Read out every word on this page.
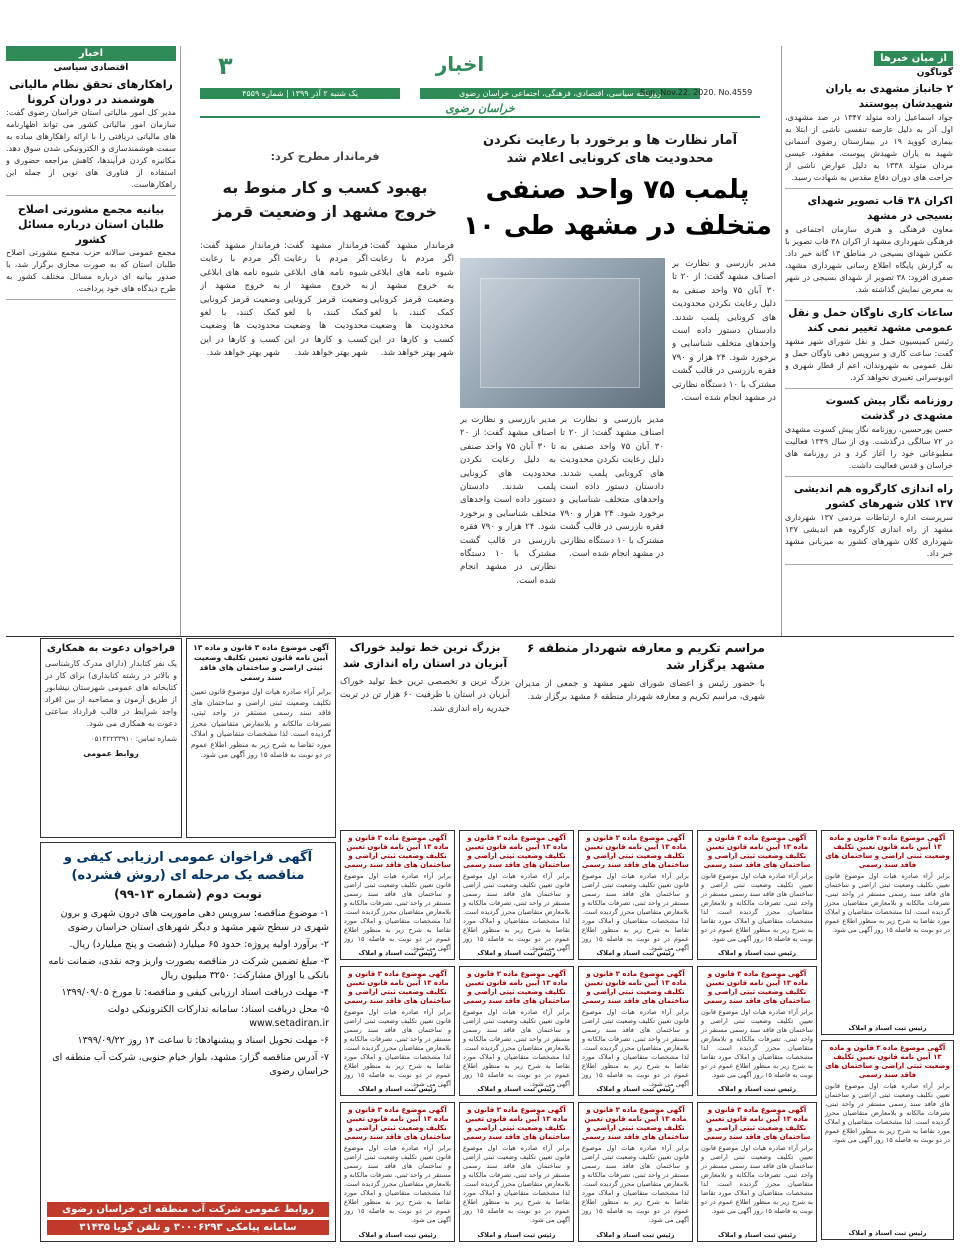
۳	اخبار
روزنامه سیاسی، اقتصادی، فرهنگی، اجتماعی خراسان رضوی
یک شنبه ۲ آذر ۱۳۹۹ | شماره ۴۵۵۹	Sun. Nov.22. 2020. No.4559
خراسان رضوی
از میان خبرها
گوناگون
۲ جانباز مشهدی به یاران شهیدشان پیوستند
جواد اسماعیل زاده متولد ۱۳۴۷ در صد مشهدی، اول آذر به دلیل عارضه تنفسی ناشی از ابتلا به بیماری کووید ۱۹ در بیمارستان رضوی آسمانی شهید به یاران شهیدش پیوست. مفقود، عیسی مردان متولد ۱۳۳۸ به دلیل عوارض ناشی از جراحت های دوران دفاع مقدس به شهادت رسید.
اکران ۳۸ قاب تصویر شهدای بسیجی در مشهد
معاون فرهنگی و هنری سازمان اجتماعی و فرهنگی شهرداری مشهد از اکران ۳۸ قاب تصویر با عکس شهدای بسیجی در مناطق ۱۳ گانه خبر داد. به گزارش پایگاه اطلاع رسانی شهرداری مشهد، صفری افزود: ۳۸ تصویر از شهدای بسیجی در شهر به معرض نمایش گذاشته شد.
ساعات کاری ناوگان حمل و نقل عمومی مشهد تغییر نمی کند
رئیس کمیسیون حمل و نقل شورای شهر مشهد گفت: ساعت کاری و سرویس دهی ناوگان حمل و نقل عمومی به شهروندان، اعم از قطار شهری و اتوبوسرانی تغییری نخواهد کرد.
روزنامه نگار پیش کسوت مشهدی در گذشت
حسن پورحسین، روزنامه نگار پیش کسوت مشهدی در ۷۲ سالگی درگذشت. وی از سال ۱۳۴۹ فعالیت مطبوعاتی خود را آغاز کرد و در روزنامه های خراسان و قدس فعالیت داشت.
راه اندازی کارگروه هم اندیشی ۱۳۷ کلان شهرهای کشور
سرپرست اداره ارتباطات مردمی ۱۳۷ شهرداری مشهد از راه اندازی کارگروه هم اندیشی ۱۳۷ شهرداری کلان شهرهای کشور به میزبانی مشهد خبر داد.
اخبار
اقتصادی سیاسی
راهکارهای تحقق نظام مالیاتی هوشمند در دوران کرونا
مدیر کل امور مالیاتی استان خراسان رضوی گفت: سازمان امور مالیاتی کشور می تواند اظهارنامه های مالیاتی دریافتی را با ارائه راهکارهای ساده به سمت هوشمندسازی و الکترونیکی شدن سوق دهد. مکانیزه کردن فرآیندها، کاهش مراجعه حضوری و استفاده از فناوری های نوین از جمله این راهکارهاست.
بیانیه مجمع مشورتی اصلاح طلبان استان درباره مسائل کشور
مجمع عمومی سالانه حزب مجمع مشورتی اصلاح طلبان استان که به صورت مجازی برگزار شد، با صدور بیانیه ای درباره مسائل مختلف کشور به طرح دیدگاه های خود پرداخت.
آمار نظارت ها و برخورد با رعایت نکردن محدودیت های کرونایی اعلام شد
پلمب ۷۵ واحد صنفی متخلف در مشهد طی ۱۰
مدیر بازرسی و نظارت بر اصناف مشهد گفت: از ۲۰ تا ۳۰ آبان ۷۵ واحد صنفی به دلیل رعایت نکردن محدودیت های کرونایی پلمب شدند. دادستان دستور داده است واحدهای متخلف شناسایی و برخورد شود. ۲۴ هزار و ۷۹۰ فقره بازرسی در قالب گشت مشترک با ۱۰ دستگاه نظارتی در مشهد انجام شده است.
مدیر بازرسی و نظارت بر اصناف مشهد گفت: از ۲۰ تا ۳۰ آبان ۷۵ واحد صنفی به دلیل رعایت نکردن محدودیت های کرونایی پلمب شدند. دادستان دستور داده است واحدهای متخلف شناسایی و برخورد شود. ۲۴ هزار و ۷۹۰ فقره بازرسی در قالب گشت مشترک با ۱۰ دستگاه نظارتی در مشهد انجام شده است.
مدیر بازرسی و نظارت بر اصناف مشهد گفت: از ۲۰ تا ۳۰ آبان ۷۵ واحد صنفی به دلیل رعایت نکردن محدودیت های کرونایی پلمب شدند. دادستان دستور داده است واحدهای متخلف شناسایی و برخورد شود. ۲۴ هزار و ۷۹۰ فقره بازرسی در قالب گشت مشترک با ۱۰ دستگاه نظارتی در مشهد انجام شده است.
فرماندار مطرح کرد:
بهبود کسب و کار منوط به خروج مشهد از وضعیت قرمز
فرماندار مشهد گفت: اگر مردم با رعایت شیوه نامه های ابلاغی به خروج مشهد از وضعیت قرمز کرونایی کمک کنند، با لغو محدودیت ها وضعیت کسب و کارها در این شهر بهتر خواهد شد.
فرماندار مشهد گفت: اگر مردم با رعایت شیوه نامه های ابلاغی به خروج مشهد از وضعیت قرمز کرونایی کمک کنند، با لغو محدودیت ها وضعیت کسب و کارها در این شهر بهتر خواهد شد.
فرماندار مشهد گفت: اگر مردم با رعایت شیوه نامه های ابلاغی به خروج مشهد از وضعیت قرمز کرونایی کمک کنند، با لغو محدودیت ها وضعیت کسب و کارها در این شهر بهتر خواهد شد.
مراسم تکریم و معارفه شهردار منطقه ۶ مشهد برگزار شد
با حضور رئیس و اعضای شورای شهر مشهد و جمعی از مدیران شهری، مراسم تکریم و معارفه شهردار منطقه ۶ مشهد برگزار شد.
بزرگ ترین خط تولید خوراک آبزیان در استان راه اندازی شد
بزرگ ترین و تخصصی ترین خط تولید خوراک آبزیان در استان با ظرفیت ۶۰ هزار تن در تربت حیدریه راه اندازی شد.
فراخوان دعوت به همکاری
یک نفر کتابدار (دارای مدرک کارشناسی و بالاتر در رشته کتابداری) برای کار در کتابخانه های عمومی شهرستان نیشابور از طریق آزمون و مصاحبه از بین افراد واجد شرایط در قالب قرارداد ساعتی دعوت به همکاری می شود.
شماره تماس: ۰۵۱۴۲۲۳۳۹۱۰
روابط عمومی
آگهی موضوع ماده ۳ قانون و ماده ۱۳ آیین نامه قانون تعیین تکلیف وضعیت ثبتی اراضی و ساختمان های فاقد سند رسمی
برابر آراء صادره هیات اول موضوع قانون تعیین تکلیف وضعیت ثبتی اراضی و ساختمان های فاقد سند رسمی مستقر در واحد ثبتی، تصرفات مالکانه و بلامعارض متقاضیان محرز گردیده است. لذا مشخصات متقاضیان و املاک مورد تقاضا به شرح زیر به منظور اطلاع عموم در دو نوبت به فاصله ۱۵ روز آگهی می شود.
آگهی فراخوان عمومی ارزیابی کیفی و مناقصه یک مرحله ای (روش فشرده)
نوبت دوم (شماره ۱۳-۹۹)
۱- موضوع مناقصه: سرویس دهی ماموریت های درون شهری و برون شهری در سطح شهر مشهد و دیگر شهرهای استان خراسان رضوی
۲- برآورد اولیه پروژه: حدود ۶۵ میلیارد (شصت و پنج میلیارد) ریال.
۳- مبلغ تضمین شرکت در مناقصه بصورت واریز وجه نقدی، ضمانت نامه بانکی یا اوراق مشارکت: ۳۲۵۰ میلیون ریال
۴- مهلت دریافت اسناد ارزیابی کیفی و مناقصه: تا مورخ ۱۳۹۹/۰۹/۰۵
۵- محل دریافت اسناد: سامانه تدارکات الکترونیکی دولت www.setadiran.ir
۶- مهلت تحویل اسناد و پیشنهادها: تا ساعت ۱۴ روز ۱۳۹۹/۰۹/۲۲
۷- آدرس مناقصه گزار: مشهد، بلوار خیام جنوبی، شرکت آب منطقه ای خراسان رضوی
روابط عمومی شرکت آب منطقه ای خراسان رضوی
سامانه پیامکی ۳۰۰۰۶۲۹۳ و تلفن گویا ۳۱۴۳۵
آگهی موضوع ماده ۳ قانون و ماده ۱۳ آیین نامه قانون تعیین تکلیف وضعیت ثبتی اراضی و ساختمان های فاقد سند رسمی
برابر آراء صادره هیات اول موضوع قانون تعیین تکلیف وضعیت ثبتی اراضی و ساختمان های فاقد سند رسمی مستقر در واحد ثبتی، تصرفات مالکانه و بلامعارض متقاضیان محرز گردیده است. لذا مشخصات متقاضیان و املاک مورد تقاضا به شرح زیر به منظور اطلاع عموم در دو نوبت به فاصله ۱۵ روز آگهی می شود.
رئیس ثبت اسناد و املاک
آگهی موضوع ماده ۳ قانون و ماده ۱۳ آیین نامه قانون تعیین تکلیف وضعیت ثبتی اراضی و ساختمان های فاقد سند رسمی
برابر آراء صادره هیات اول موضوع قانون تعیین تکلیف وضعیت ثبتی اراضی و ساختمان های فاقد سند رسمی مستقر در واحد ثبتی، تصرفات مالکانه و بلامعارض متقاضیان محرز گردیده است. لذا مشخصات متقاضیان و املاک مورد تقاضا به شرح زیر به منظور اطلاع عموم در دو نوبت به فاصله ۱۵ روز آگهی می شود.
رئیس ثبت اسناد و املاک
آگهی موضوع ماده ۳ قانون و ماده ۱۳ آیین نامه قانون تعیین تکلیف وضعیت ثبتی اراضی و ساختمان های فاقد سند رسمی
برابر آراء صادره هیات اول موضوع قانون تعیین تکلیف وضعیت ثبتی اراضی و ساختمان های فاقد سند رسمی مستقر در واحد ثبتی، تصرفات مالکانه و بلامعارض متقاضیان محرز گردیده است. لذا مشخصات متقاضیان و املاک مورد تقاضا به شرح زیر به منظور اطلاع عموم در دو نوبت به فاصله ۱۵ روز آگهی می شود.
رئیس ثبت اسناد و املاک
آگهی موضوع ماده ۳ قانون و ماده ۱۳ آیین نامه قانون تعیین تکلیف وضعیت ثبتی اراضی و ساختمان های فاقد سند رسمی
برابر آراء صادره هیات اول موضوع قانون تعیین تکلیف وضعیت ثبتی اراضی و ساختمان های فاقد سند رسمی مستقر در واحد ثبتی، تصرفات مالکانه و بلامعارض متقاضیان محرز گردیده است. لذا مشخصات متقاضیان و املاک مورد تقاضا به شرح زیر به منظور اطلاع عموم در دو نوبت به فاصله ۱۵ روز آگهی می شود.
رئیس ثبت اسناد و املاک
آگهی موضوع ماده ۳ قانون و ماده ۱۳ آیین نامه قانون تعیین تکلیف وضعیت ثبتی اراضی و ساختمان های فاقد سند رسمی
برابر آراء صادره هیات اول موضوع قانون تعیین تکلیف وضعیت ثبتی اراضی و ساختمان های فاقد سند رسمی مستقر در واحد ثبتی، تصرفات مالکانه و بلامعارض متقاضیان محرز گردیده است. لذا مشخصات متقاضیان و املاک مورد تقاضا به شرح زیر به منظور اطلاع عموم در دو نوبت به فاصله ۱۵ روز آگهی می شود.
رئیس ثبت اسناد و املاک
آگهی موضوع ماده ۳ قانون و ماده ۱۳ آیین نامه قانون تعیین تکلیف وضعیت ثبتی اراضی و ساختمان های فاقد سند رسمی
برابر آراء صادره هیات اول موضوع قانون تعیین تکلیف وضعیت ثبتی اراضی و ساختمان های فاقد سند رسمی مستقر در واحد ثبتی، تصرفات مالکانه و بلامعارض متقاضیان محرز گردیده است. لذا مشخصات متقاضیان و املاک مورد تقاضا به شرح زیر به منظور اطلاع عموم در دو نوبت به فاصله ۱۵ روز آگهی می شود.
رئیس ثبت اسناد و املاک
آگهی موضوع ماده ۳ قانون و ماده ۱۳ آیین نامه قانون تعیین تکلیف وضعیت ثبتی اراضی و ساختمان های فاقد سند رسمی
برابر آراء صادره هیات اول موضوع قانون تعیین تکلیف وضعیت ثبتی اراضی و ساختمان های فاقد سند رسمی مستقر در واحد ثبتی، تصرفات مالکانه و بلامعارض متقاضیان محرز گردیده است. لذا مشخصات متقاضیان و املاک مورد تقاضا به شرح زیر به منظور اطلاع عموم در دو نوبت به فاصله ۱۵ روز آگهی می شود.
رئیس ثبت اسناد و املاک
آگهی موضوع ماده ۳ قانون و ماده ۱۳ آیین نامه قانون تعیین تکلیف وضعیت ثبتی اراضی و ساختمان های فاقد سند رسمی
برابر آراء صادره هیات اول موضوع قانون تعیین تکلیف وضعیت ثبتی اراضی و ساختمان های فاقد سند رسمی مستقر در واحد ثبتی، تصرفات مالکانه و بلامعارض متقاضیان محرز گردیده است. لذا مشخصات متقاضیان و املاک مورد تقاضا به شرح زیر به منظور اطلاع عموم در دو نوبت به فاصله ۱۵ روز آگهی می شود.
رئیس ثبت اسناد و املاک
آگهی موضوع ماده ۳ قانون و ماده ۱۳ آیین نامه قانون تعیین تکلیف وضعیت ثبتی اراضی و ساختمان های فاقد سند رسمی
برابر آراء صادره هیات اول موضوع قانون تعیین تکلیف وضعیت ثبتی اراضی و ساختمان های فاقد سند رسمی مستقر در واحد ثبتی، تصرفات مالکانه و بلامعارض متقاضیان محرز گردیده است. لذا مشخصات متقاضیان و املاک مورد تقاضا به شرح زیر به منظور اطلاع عموم در دو نوبت به فاصله ۱۵ روز آگهی می شود.
رئیس ثبت اسناد و املاک
آگهی موضوع ماده ۳ قانون و ماده ۱۳ آیین نامه قانون تعیین تکلیف وضعیت ثبتی اراضی و ساختمان های فاقد سند رسمی
برابر آراء صادره هیات اول موضوع قانون تعیین تکلیف وضعیت ثبتی اراضی و ساختمان های فاقد سند رسمی مستقر در واحد ثبتی، تصرفات مالکانه و بلامعارض متقاضیان محرز گردیده است. لذا مشخصات متقاضیان و املاک مورد تقاضا به شرح زیر به منظور اطلاع عموم در دو نوبت به فاصله ۱۵ روز آگهی می شود.
رئیس ثبت اسناد و املاک
آگهی موضوع ماده ۳ قانون و ماده ۱۳ آیین نامه قانون تعیین تکلیف وضعیت ثبتی اراضی و ساختمان های فاقد سند رسمی
برابر آراء صادره هیات اول موضوع قانون تعیین تکلیف وضعیت ثبتی اراضی و ساختمان های فاقد سند رسمی مستقر در واحد ثبتی، تصرفات مالکانه و بلامعارض متقاضیان محرز گردیده است. لذا مشخصات متقاضیان و املاک مورد تقاضا به شرح زیر به منظور اطلاع عموم در دو نوبت به فاصله ۱۵ روز آگهی می شود.
رئیس ثبت اسناد و املاک
آگهی موضوع ماده ۳ قانون و ماده ۱۳ آیین نامه قانون تعیین تکلیف وضعیت ثبتی اراضی و ساختمان های فاقد سند رسمی
برابر آراء صادره هیات اول موضوع قانون تعیین تکلیف وضعیت ثبتی اراضی و ساختمان های فاقد سند رسمی مستقر در واحد ثبتی، تصرفات مالکانه و بلامعارض متقاضیان محرز گردیده است. لذا مشخصات متقاضیان و املاک مورد تقاضا به شرح زیر به منظور اطلاع عموم در دو نوبت به فاصله ۱۵ روز آگهی می شود.
رئیس ثبت اسناد و املاک
آگهی موضوع ماده ۳ قانون و ماده ۱۳ آیین نامه قانون تعیین تکلیف وضعیت ثبتی اراضی و ساختمان های فاقد سند رسمی
برابر آراء صادره هیات اول موضوع قانون تعیین تکلیف وضعیت ثبتی اراضی و ساختمان های فاقد سند رسمی مستقر در واحد ثبتی، تصرفات مالکانه و بلامعارض متقاضیان محرز گردیده است. لذا مشخصات متقاضیان و املاک مورد تقاضا به شرح زیر به منظور اطلاع عموم در دو نوبت به فاصله ۱۵ روز آگهی می شود.
رئیس ثبت اسناد و املاک
آگهی موضوع ماده ۳ قانون و ماده ۱۳ آیین نامه قانون تعیین تکلیف وضعیت ثبتی اراضی و ساختمان های فاقد سند رسمی
برابر آراء صادره هیات اول موضوع قانون تعیین تکلیف وضعیت ثبتی اراضی و ساختمان های فاقد سند رسمی مستقر در واحد ثبتی، تصرفات مالکانه و بلامعارض متقاضیان محرز گردیده است. لذا مشخصات متقاضیان و املاک مورد تقاضا به شرح زیر به منظور اطلاع عموم در دو نوبت به فاصله ۱۵ روز آگهی می شود.
رئیس ثبت اسناد و املاک
